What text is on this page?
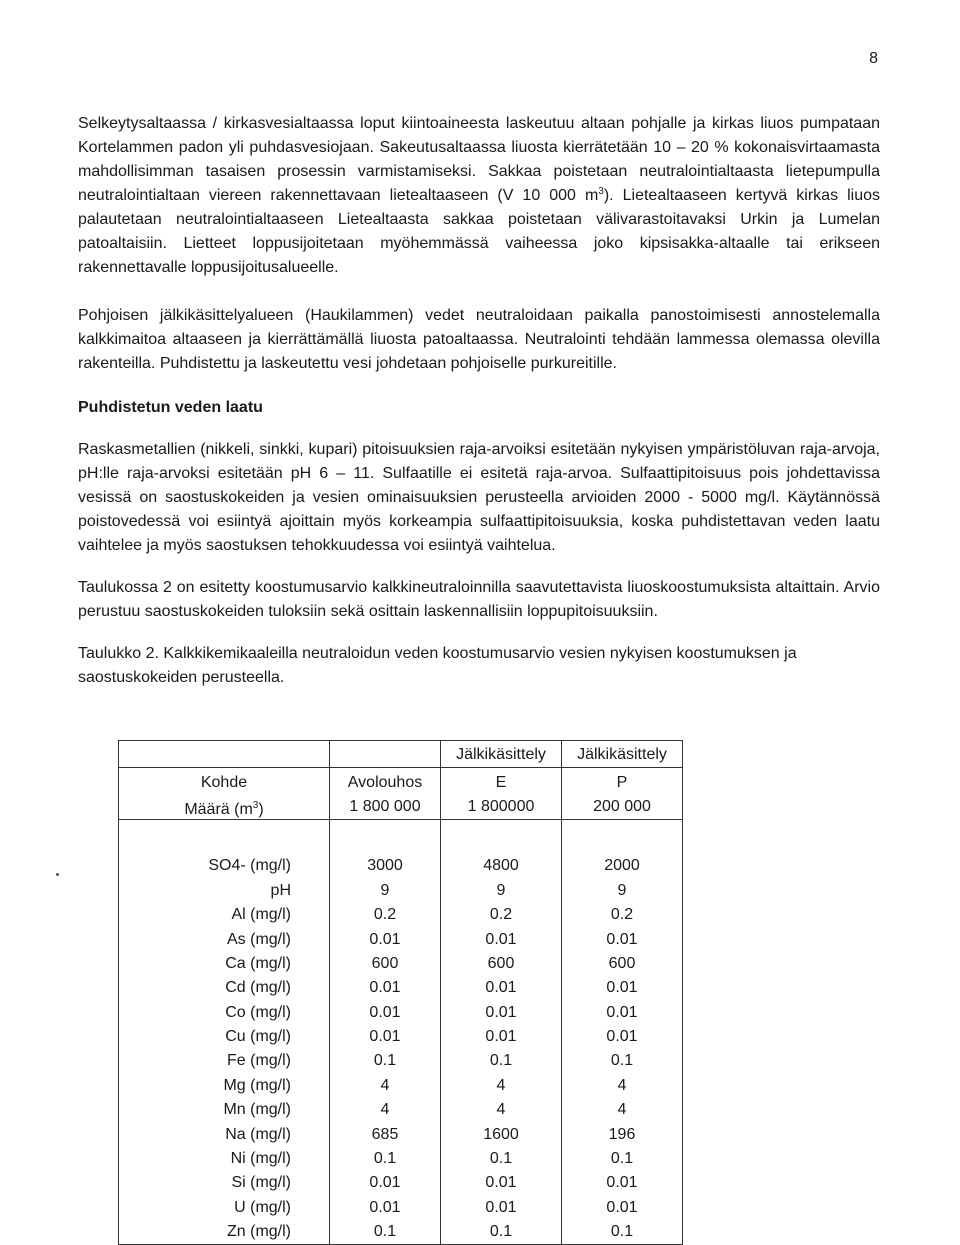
8

Selkeytysaltaassa / kirkasvesialtaassa loput kiintoaineesta laskeutuu altaan pohjalle ja kirkas liuos pumpataan Kortelammen padon yli puhdasvesiojaan. Sakeutusaltaassa liuosta kierrätetään 10 – 20 % kokonaisvirtaamasta mahdollisimman tasaisen prosessin varmistamiseksi. Sakkaa poistetaan neutralointialtaasta lietepumpulla neutralointialtaan viereen rakennettavaan lietealtaaseen (V 10 000 $m^3$). Lietealtaaseen kertyvä kirkas liuos palautetaan neutralointialtaaseen Lietealtaasta sakkaa poistetaan välivarastoitavaksi Urkin ja Lumelan patoaltaisiin. Lietteet loppusijoitetaan myöhemmässä vaiheessa joko kipsisakka-altaalle tai erikseen rakennettavalle loppusijoitusalueelle.

Pohjoisen jälkikäsittelyalueen (Haukilammen) vedet neutraloidaan paikalla panostoimisesti annostelemalla kalkkimaitoa altaaseen ja kierrättämällä liuosta patoaltaassa. Neutralointi tehdään lammessa olemassa olevilla rakenteilla. Puhdistettu ja laskeutettu vesi johdetaan pohjoiselle purkureitille.

Puhdistetun veden laatu

Raskasmetallien (nikkeli, sinkki, kupari) pitoisuuksien raja-arvoiksi esitetään nykyisen ympäristöluvan raja-arvoja, pH:lle raja-arvoksi esitetään pH 6 – 11. Sulfaatille ei esitetä raja-arvoa. Sulfaattipitoisuus pois johdettavissa vesissä on saostuskokeiden ja vesien ominaisuuksien perusteella arvioiden 2000 - 5000 mg/l. Käytännössä poistovedessä voi esiintyä ajoittain myös korkeampia sulfaattipitoisuuksia, koska puhdistettavan veden laatu vaihtelee ja myös saostuksen tehokkuudessa voi esiintyä vaihtelua.

Taulukossa 2 on esitetty koostumusarvio kalkkineutraloinnilla saavutettavista liuoskoostumuksista altaittain. Arvio perustuu saostuskokeiden tuloksiin sekä osittain laskennallisiin loppupitoisuuksiin.

Taulukko 2. Kalkkikemikaaleilla neutraloidun veden koostumusarvio vesien nykyisen koostumuksen ja saostuskokeiden perusteella.

		Jälkikäsittely	Jälkikäsittely
Kohde	Avolouhos	E	P
Määrä $(m^3)$	1 800 000	1 800000	200 000

SO4- (mg/l)	3000	4800	2000
pH	9	9	9
Al (mg/l)	0.2	0.2	0.2
As (mg/l)	0.01	0.01	0.01
Ca (mg/l)	600	600	600
Cd (mg/l)	0.01	0.01	0.01
Co (mg/l)	0.01	0.01	0.01
Cu (mg/l)	0.01	0.01	0.01
Fe (mg/l)	0.1	0.1	0.1
Mg (mg/l)	4	4	4
Mn (mg/l)	4	4	4
Na (mg/l)	685	1600	196
Ni (mg/l)	0.1	0.1	0.1
Si (mg/l)	0.01	0.01	0.01
U (mg/l)	0.01	0.01	0.01
Zn (mg/l)	0.1	0.1	0.1
